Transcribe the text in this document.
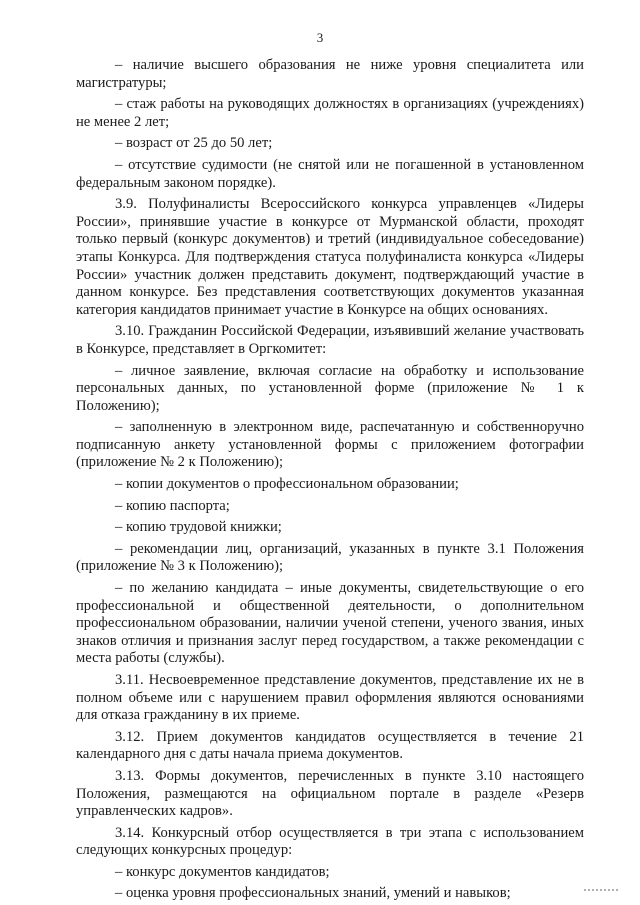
3

– наличие высшего образования не ниже уровня специалитета или магистратуры;

– стаж работы на руководящих должностях в организациях (учреждениях) не менее 2 лет;

– возраст от 25 до 50 лет;

– отсутствие судимости (не снятой или не погашенной в установленном федеральным законом порядке).

3.9. Полуфиналисты Всероссийского конкурса управленцев «Лидеры России», принявшие участие в конкурсе от Мурманской области, проходят только первый (конкурс документов) и третий (индивидуальное собеседование) этапы Конкурса. Для подтверждения статуса полуфиналиста конкурса «Лидеры России» участник должен представить документ, подтверждающий участие в данном конкурсе. Без представления соответствующих документов указанная категория кандидатов принимает участие в Конкурсе на общих основаниях.

3.10. Гражданин Российской Федерации, изъявивший желание участвовать в Конкурсе, представляет в Оргкомитет:

– личное заявление, включая согласие на обработку и использование персональных данных, по установленной форме (приложение № 1 к Положению);

– заполненную в электронном виде, распечатанную и собственноручно подписанную анкету установленной формы с приложением фотографии (приложение № 2 к Положению);

– копии документов о профессиональном образовании;

– копию паспорта;

– копию трудовой книжки;

– рекомендации лиц, организаций, указанных в пункте 3.1 Положения (приложение № 3 к Положению);

– по желанию кандидата – иные документы, свидетельствующие о его профессиональной и общественной деятельности, о дополнительном профессиональном образовании, наличии ученой степени, ученого звания, иных знаков отличия и признания заслуг перед государством, а также рекомендации с места работы (службы).

3.11. Несвоевременное представление документов, представление их не в полном объеме или с нарушением правил оформления являются основаниями для отказа гражданину в их приеме.

3.12. Прием документов кандидатов осуществляется в течение 21 календарного дня с даты начала приема документов.

3.13. Формы документов, перечисленных в пункте 3.10 настоящего Положения, размещаются на официальном портале в разделе «Резерв управленческих кадров».

3.14. Конкурсный отбор осуществляется в три этапа с использованием следующих конкурсных процедур:

– конкурс документов кандидатов;

– оценка уровня профессиональных знаний, умений и навыков;
